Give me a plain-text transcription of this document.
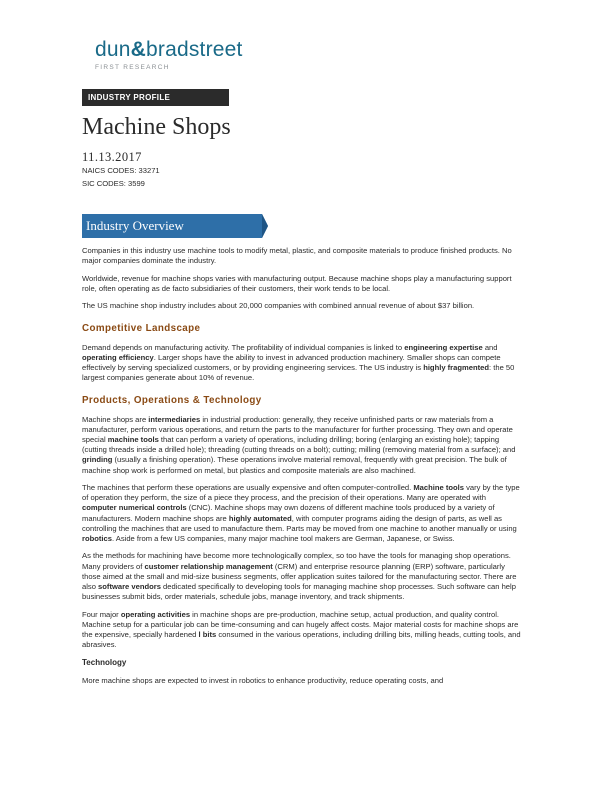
dun&bradstreet
FIRST RESEARCH
INDUSTRY PROFILE
Machine Shops
11.13.2017
NAICS CODES: 33271
SIC CODES: 3599
Industry Overview

Companies in this industry use machine tools to modify metal, plastic, and composite materials to produce finished products. No major companies dominate the industry.

Worldwide, revenue for machine shops varies with manufacturing output. Because machine shops play a manufacturing support role, often operating as de facto subsidiaries of their customers, their work tends to be local.

The US machine shop industry includes about 20,000 companies with combined annual revenue of about $37 billion.

Competitive Landscape

Demand depends on manufacturing activity. The profitability of individual companies is linked to engineering expertise and operating efficiency. Larger shops have the ability to invest in advanced production machinery. Smaller shops can compete effectively by serving specialized customers, or by providing engineering services. The US industry is highly fragmented: the 50 largest companies generate about 10% of revenue.

Products, Operations & Technology

Machine shops are intermediaries in industrial production: generally, they receive unfinished parts or raw materials from a manufacturer, perform various operations, and return the parts to the manufacturer for further processing. They own and operate special machine tools that can perform a variety of operations, including drilling; boring (enlarging an existing hole); tapping (cutting threads inside a drilled hole); threading (cutting threads on a bolt); cutting; milling (removing material from a surface); and grinding (usually a finishing operation). These operations involve material removal, frequently with great precision. The bulk of machine shop work is performed on metal, but plastics and composite materials are also machined.

The machines that perform these operations are usually expensive and often computer-controlled. Machine tools vary by the type of operation they perform, the size of a piece they process, and the precision of their operations. Many are operated with computer numerical controls (CNC). Machine shops may own dozens of different machine tools produced by a variety of manufacturers. Modern machine shops are highly automated, with computer programs aiding the design of parts, as well as controlling the machines that are used to manufacture them. Parts may be moved from one machine to another manually or using robotics. Aside from a few US companies, many major machine tool makers are German, Japanese, or Swiss.

As the methods for machining have become more technologically complex, so too have the tools for managing shop operations. Many providers of customer relationship management (CRM) and enterprise resource planning (ERP) software, particularly those aimed at the small and mid-size business segments, offer application suites tailored for the manufacturing sector. There are also software vendors dedicated specifically to developing tools for managing machine shop processes. Such software can help businesses submit bids, order materials, schedule jobs, manage inventory, and track shipments.

Four major operating activities in machine shops are pre-production, machine setup, actual production, and quality control. Machine setup for a particular job can be time-consuming and can hugely affect costs. Major material costs for machine shops are the expensive, specially hardened l bits consumed in the various operations, including drilling bits, milling heads, cutting tools, and abrasives.

Technology

More machine shops are expected to invest in robotics to enhance productivity, reduce operating costs, and
